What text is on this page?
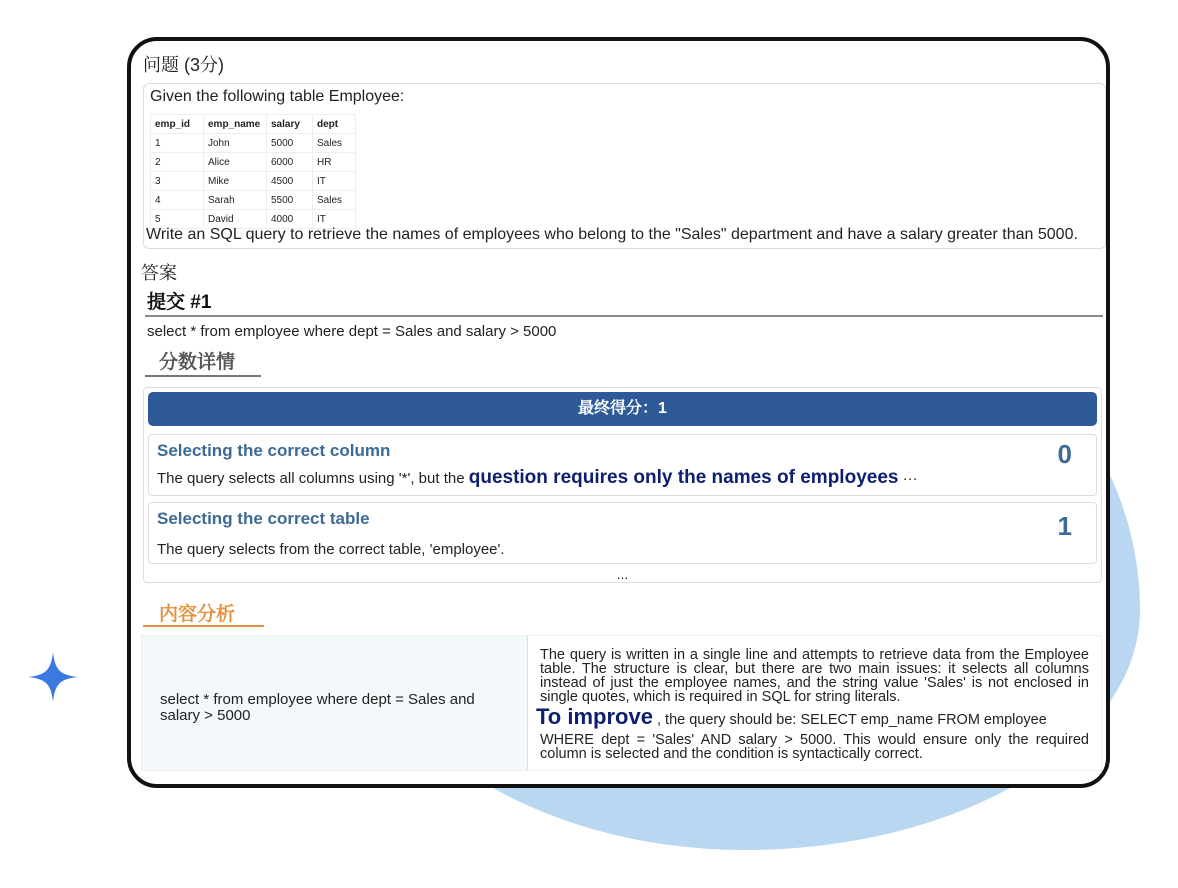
问题 (3分)
Given the following table Employee:
emp_id	emp_name	salary	dept
1	John	5000	Sales
2	Alice	6000	HR
3	Mike	4500	IT
4	Sarah	5500	Sales
5	David	4000	IT
Write an SQL query to retrieve the names of employees who belong to the "Sales" department and have a salary greater than 5000.
答案
提交 #1
select * from employee where dept = Sales and salary > 5000
分数详情
最终得分：1
Selecting the correct column	0
The query selects all columns using '*', but the question requires only the names of employees ···
Selecting the correct table	1
The query selects from the correct table, 'employee'.
...
内容分析
select * from employee where dept = Sales and salary > 5000
The query is written in a single line and attempts to retrieve data from the Employee table. The structure is clear, but there are two main issues: it selects all columns instead of just the employee names, and the string value 'Sales' is not enclosed in single quotes, which is required in SQL for string literals.
To improve , the query should be: SELECT emp_name FROM employee
WHERE dept = 'Sales' AND salary > 5000. This would ensure only the required column is selected and the condition is syntactically correct.
